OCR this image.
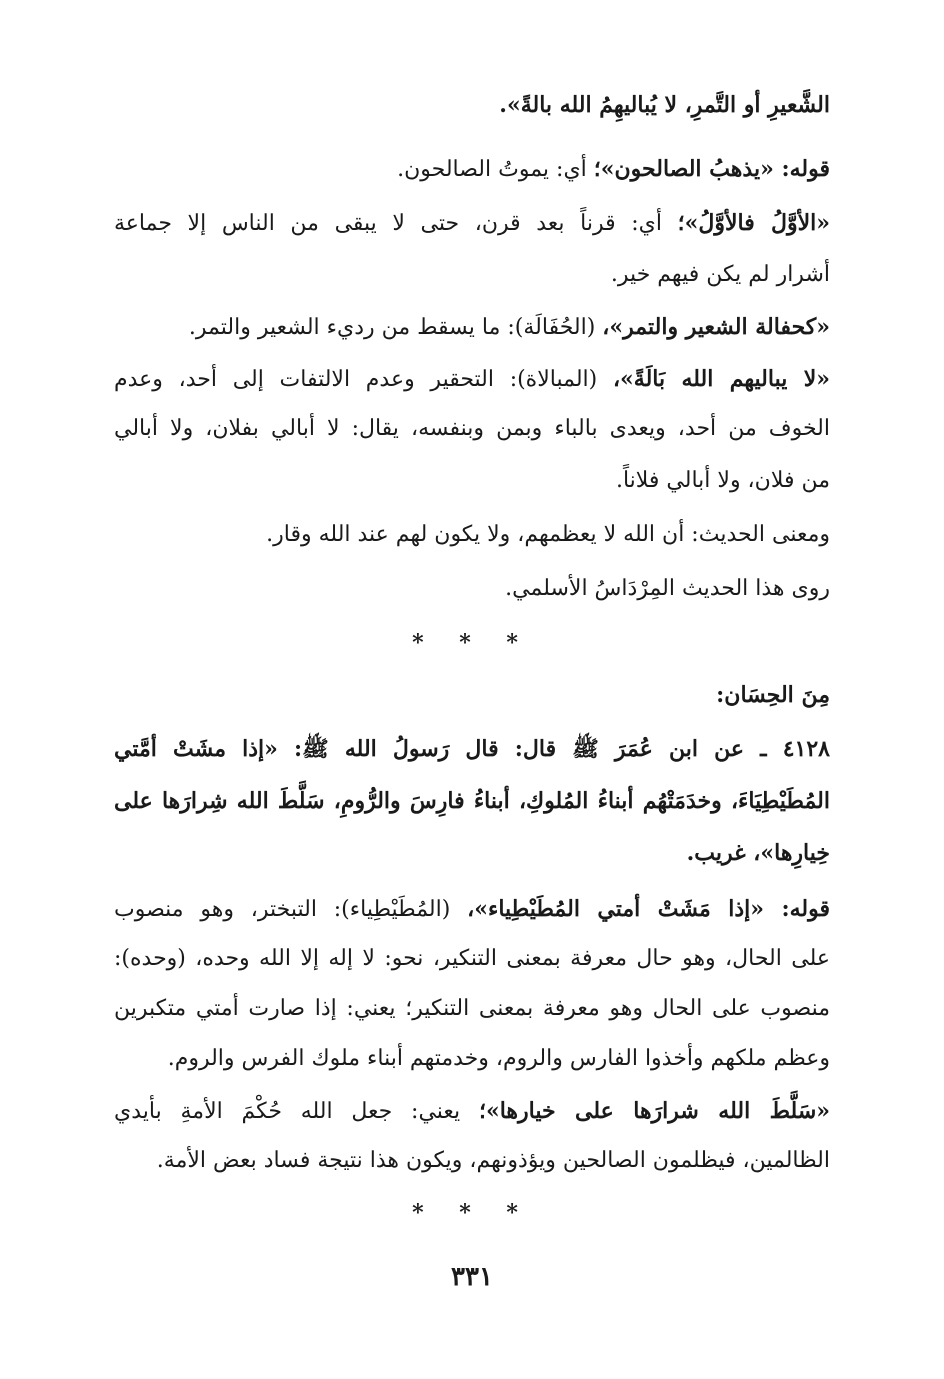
الشَّعيرِ أو التَّمرِ، لا يُباليهِمُ الله بالةً».
قوله: «يذهبُ الصالحون»؛ أي: يموتُ الصالحون.
«الأوَّلُ فالأوَّلُ»؛ أي: قرناً بعد قرن، حتى لا يبقى من الناس إلا جماعة
أشرار لم يكن فيهم خير.
«كحفالة الشعير والتمر»، (الحُفَالَة): ما يسقط من رديء الشعير والتمر.
«لا يباليهم الله بَالَةً»، (المبالاة): التحقير وعدم الالتفات إلى أحد، وعدم
الخوف من أحد، ويعدى بالباء وبمن وبنفسه، يقال: لا أبالي بفلان، ولا أبالي
من فلان، ولا أبالي فلاناً.
ومعنى الحديث: أن الله لا يعظمهم، ولا يكون لهم عند الله وقار.
روى هذا الحديث المِرْدَاسُ الأسلمي.
* * *
مِنَ الحِسَان:
٤١٢٨ ـ عن ابن عُمَرَ ﷺ قال: قال رَسولُ الله ﷺ: «إذا مشَتْ أمَّتي
المُطَيْطِيَاءَ، وخدَمَتْهُم أبناءُ المُلوكِ، أبناءُ فارِسَ والرُّومِ، سَلَّطَ الله شِرارَها على
خِيارِها»، غريب.
قوله: «إذا مَشَتْ أمتي المُطَيْطِياء»، (المُطَيْطِياء): التبختر، وهو منصوب
على الحال، وهو حال معرفة بمعنى التنكير، نحو: لا إله إلا الله وحده، (وحده):
منصوب على الحال وهو معرفة بمعنى التنكير؛ يعني: إذا صارت أمتي متكبرين
وعظم ملكهم وأخذوا الفارس والروم، وخدمتهم أبناء ملوك الفرس والروم.
«سَلَّطَ الله شرارَها على خيارها»؛ يعني: جعل الله حُكْمَ الأمةِ بأيدي
الظالمين، فيظلمون الصالحين ويؤذونهم، ويكون هذا نتيجة فساد بعض الأمة.
* * *
٣٣١
